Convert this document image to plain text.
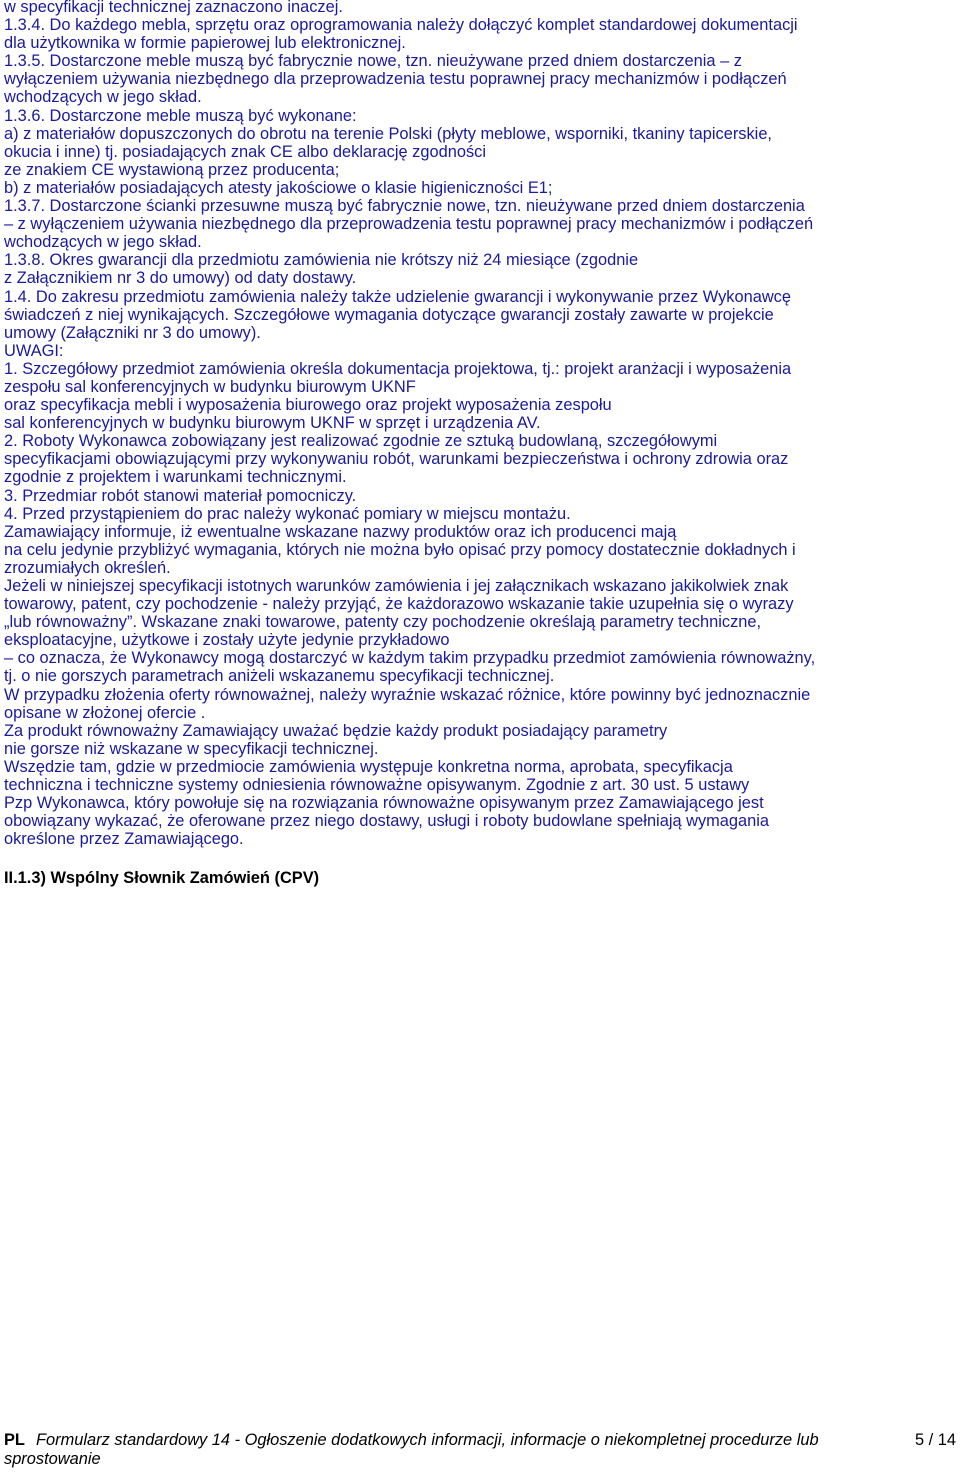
w specyfikacji technicznej zaznaczono inaczej.
1.3.4. Do każdego mebla, sprzętu oraz oprogramowania należy dołączyć komplet standardowej dokumentacji
dla użytkownika w formie papierowej lub elektronicznej.
1.3.5. Dostarczone meble muszą być fabrycznie nowe, tzn. nieużywane przed dniem dostarczenia – z
wyłączeniem używania niezbędnego dla przeprowadzenia testu poprawnej pracy mechanizmów i podłączeń
wchodzących w jego skład.
1.3.6. Dostarczone meble muszą być wykonane:
a) z materiałów dopuszczonych do obrotu na terenie Polski (płyty meblowe, wsporniki, tkaniny tapicerskie,
okucia i inne) tj. posiadających znak CE albo deklarację zgodności
ze znakiem CE wystawioną przez producenta;
b) z materiałów posiadających atesty jakościowe o klasie higieniczności E1;
1.3.7. Dostarczone ścianki przesuwne muszą być fabrycznie nowe, tzn. nieużywane przed dniem dostarczenia
– z wyłączeniem używania niezbędnego dla przeprowadzenia testu poprawnej pracy mechanizmów i podłączeń
wchodzących w jego skład.
1.3.8. Okres gwarancji dla przedmiotu zamówienia nie krótszy niż 24 miesiące (zgodnie
z Załącznikiem nr 3 do umowy) od daty dostawy.
1.4. Do zakresu przedmiotu zamówienia należy także udzielenie gwarancji i wykonywanie przez Wykonawcę
świadczeń z niej wynikających. Szczegółowe wymagania dotyczące gwarancji zostały zawarte w projekcie
umowy (Załączniki nr 3 do umowy).
UWAGI:
1. Szczegółowy przedmiot zamówienia określa dokumentacja projektowa, tj.: projekt aranżacji i wyposażenia
zespołu sal konferencyjnych w budynku biurowym UKNF
oraz specyfikacja mebli i wyposażenia biurowego oraz projekt wyposażenia zespołu
sal konferencyjnych w budynku biurowym UKNF w sprzęt i urządzenia AV.
2. Roboty Wykonawca zobowiązany jest realizować zgodnie ze sztuką budowlaną, szczegółowymi
specyfikacjami obowiązującymi przy wykonywaniu robót, warunkami bezpieczeństwa i ochrony zdrowia oraz
zgodnie z projektem i warunkami technicznymi.
3. Przedmiar robót stanowi materiał pomocniczy.
4. Przed przystąpieniem do prac należy wykonać pomiary w miejscu montażu.
Zamawiający informuje, iż ewentualne wskazane nazwy produktów oraz ich producenci mają
na celu jedynie przybliżyć wymagania, których nie można było opisać przy pomocy dostatecznie dokładnych i
zrozumiałych określeń.
Jeżeli w niniejszej specyfikacji istotnych warunków zamówienia i jej załącznikach wskazano jakikolwiek znak
towarowy, patent, czy pochodzenie - należy przyjąć, że każdorazowo wskazanie takie uzupełnia się o wyrazy
„lub równoważny”. Wskazane znaki towarowe, patenty czy pochodzenie określają parametry techniczne,
eksploatacyjne, użytkowe i zostały użyte jedynie przykładowo
– co oznacza, że Wykonawcy mogą dostarczyć w każdym takim przypadku przedmiot zamówienia równoważny,
tj. o nie gorszych parametrach aniżeli wskazanemu specyfikacji technicznej.
W przypadku złożenia oferty równoważnej, należy wyraźnie wskazać różnice, które powinny być jednoznacznie
opisane w złożonej ofercie .
Za produkt równoważny Zamawiający uważać będzie każdy produkt posiadający parametry
nie gorsze niż wskazane w specyfikacji technicznej.
Wszędzie tam, gdzie w przedmiocie zamówienia występuje konkretna norma, aprobata, specyfikacja
techniczna i techniczne systemy odniesienia równoważne opisywanym. Zgodnie z art. 30 ust. 5 ustawy
Pzp Wykonawca, który powołuje się na rozwiązania równoważne opisywanym przez Zamawiającego jest
obowiązany wykazać, że oferowane przez niego dostawy, usługi i roboty budowlane spełniają wymagania
określone przez Zamawiającego.
II.1.3) Wspólny Słownik Zamówień (CPV)
PL Formularz standardowy 14 - Ogłoszenie dodatkowych informacji, informacje o niekompletnej procedurze lub
sprostowanie
5 / 14
